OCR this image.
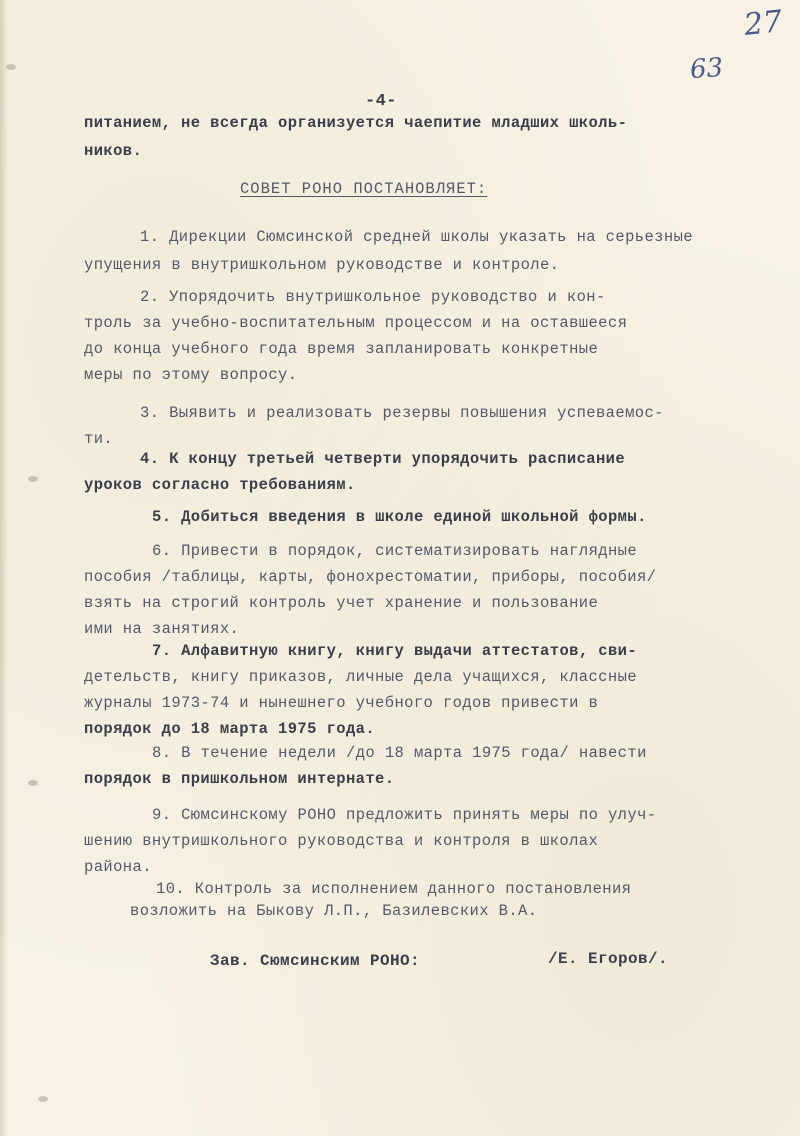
27
63
-4-
питанием, не всегда организуется чаепитие младших школь-
ников.
СОВЕТ РОНО ПОСТАНОВЛЯЕТ:
1. Дирекции Сюмсинской средней школы указать на серьезные
упущения в внутришкольном руководстве и контроле.
2. Упорядочить внутришкольное руководство и кон-
троль за учебно-воспитательным процессом и на оставшееся
до конца учебного года время запланировать конкретные
меры по этому вопросу.
3. Выявить и реализовать резервы повышения успеваемос-
ти.
4. К концу третьей четверти упорядочить расписание
уроков согласно требованиям.
5. Добиться введения в школе единой школьной формы.
6. Привести в порядок, систематизировать наглядные
пособия /таблицы, карты, фонохрестоматии, приборы, пособия/
взять на строгий контроль учет хранение и пользование
ими на занятиях.
7. Алфавитную книгу, книгу выдачи аттестатов, сви-
детельств, книгу приказов, личные дела учащихся, классные
журналы 1973-74 и нынешнего учебного годов привести в
порядок до 18 марта 1975 года.
8. В течение недели /до 18 марта 1975 года/ навести
порядок в пришкольном интернате.
9. Сюмсинскому РОНО предложить принять меры по улуч-
шению внутришкольного руководства и контроля в школах
района.
10. Контроль за исполнением данного постановления
возложить на Быкову Л.П., Базилевских В.А.
Зав. Сюмсинским РОНО:	/Е. Егоров/.
